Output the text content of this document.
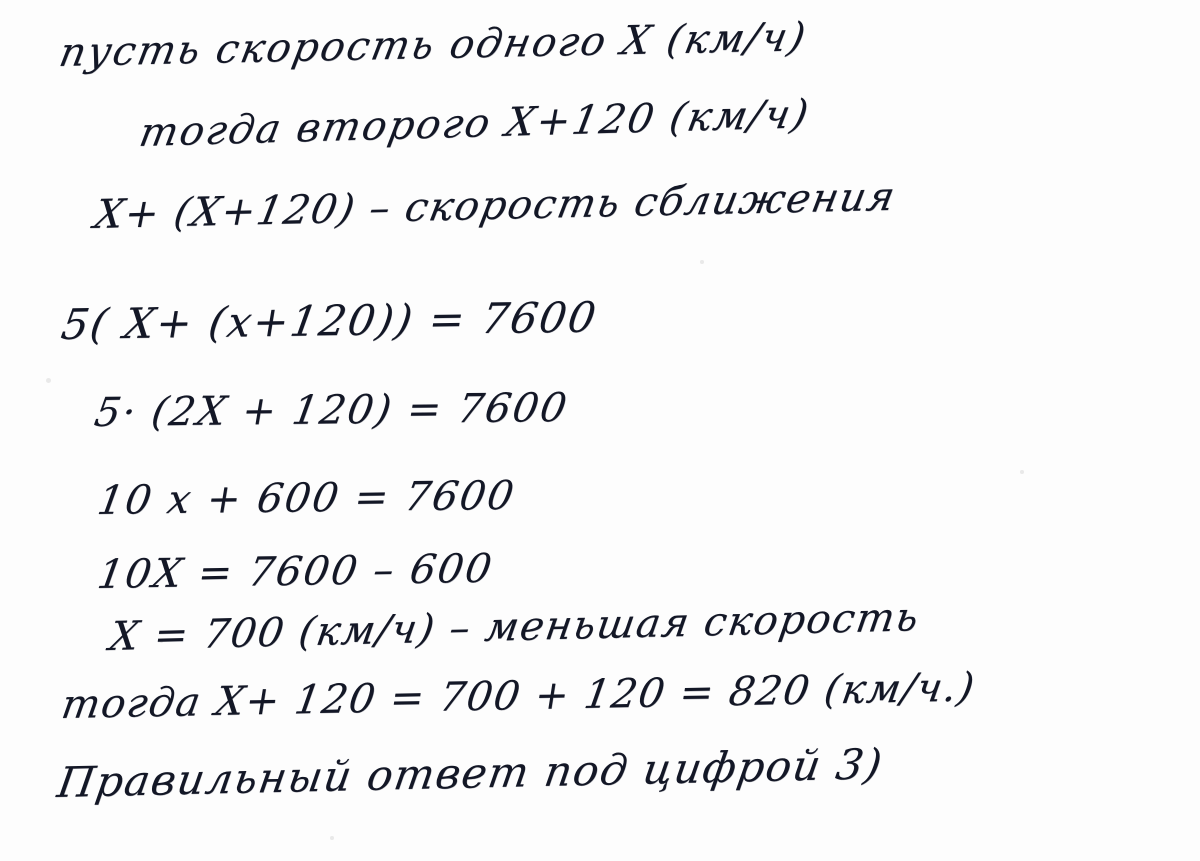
пусть скорость одного Х (км/ч)
тогда второго X+120 (км/ч)
X+ (X+120) – скорость сближения
5( X+ (x+120)) = 7600
5· (2X + 120) = 7600
10 x + 600 = 7600
10X = 7600 – 600
X = 700 (км/ч) – меньшая скорость
тогда X+ 120 = 700 + 120 = 820 (км/ч.)
Правильный ответ под цифрой 3)
